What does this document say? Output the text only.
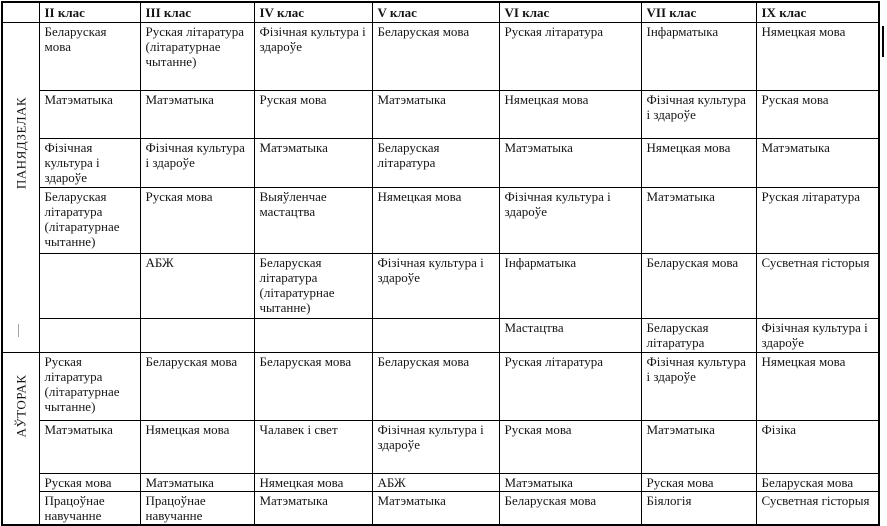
	II клас	III клас	IV клас	V клас	VI клас	VII клас	IX клас

ПАНЯДЗЕЛАК
|	Беларуская мова	Руская літаратура (літаратурнае чытанне)	Фізічная культура і здароўе	Беларуская мова	Руская літаратура	Інфарматыка	Нямецкая мова
	Матэматыка	Матэматыка	Руская мова	Матэматыка	Нямецкая мова	Фізічная культура і здароўе	Руская мова
	Фізічная культура і здароўе	Фізічная культура і здароўе	Матэматыка	Беларуская літаратура	Матэматыка	Нямецкая мова	Матэматыка
	Беларуская літаратура (літаратурнае чытанне)	Руская мова	Выяўленчае мастацтва	Нямецкая мова	Фізічная культура і здароўе	Матэматыка	Руская літаратура
		АБЖ	Беларуская літаратура (літаратурнае чытанне)	Фізічная культура і здароўе	Інфарматыка	Беларуская мова	Сусветная гісторыя
					Мастацтва	Беларуская літаратура	Фізічная культура і здароўе

АЎТОРАК	Руская літаратура (літаратурнае чытанне)	Беларуская мова	Беларуская мова	Беларуская мова	Руская літаратура	Фізічная культура і здароўе	Нямецкая мова
	Матэматыка	Нямецкая мова	Чалавек і свет	Фізічная культура і здароўе	Руская мова	Матэматыка	Фізіка
	Руская мова	Матэматыка	Нямецкая мова	АБЖ	Матэматыка	Руская мова	Беларуская мова
	Працоўнае навучанне	Працоўнае навучанне	Матэматыка	Матэматыка	Беларуская мова	Біялогія	Сусветная гісторыя
